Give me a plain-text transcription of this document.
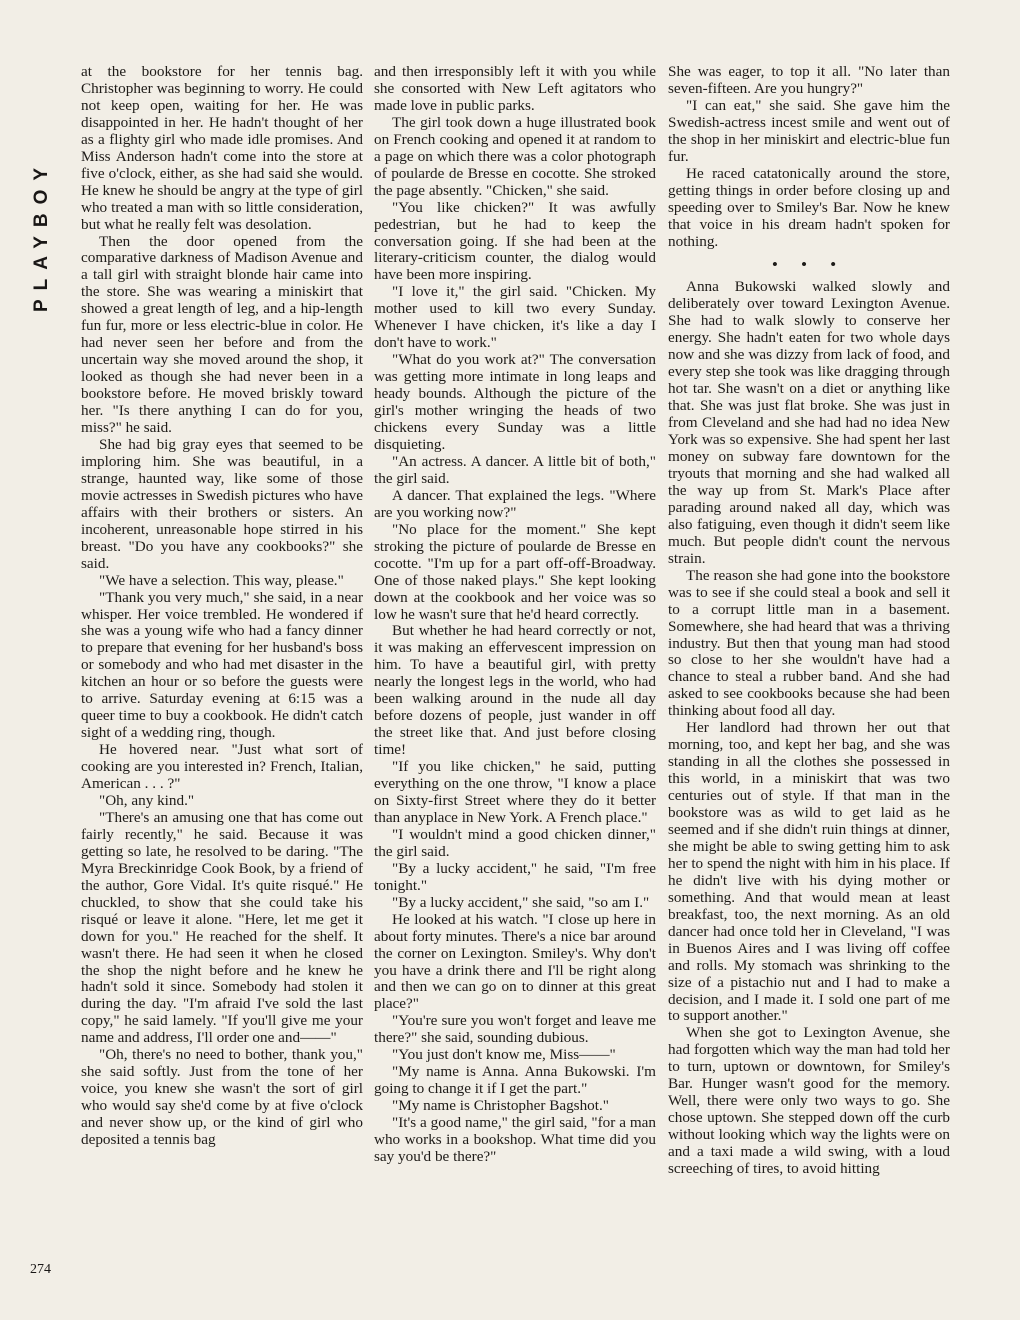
PLAYBOY

at the bookstore for her tennis bag. Christopher was beginning to worry. He could not keep open, waiting for her. He was disappointed in her. He hadn't thought of her as a flighty girl who made idle promises. And Miss Anderson hadn't come into the store at five o'clock, either, as she had said she would. He knew he should be angry at the type of girl who treated a man with so little consideration, but what he really felt was desolation.

Then the door opened from the comparative darkness of Madison Avenue and a tall girl with straight blonde hair came into the store. She was wearing a miniskirt that showed a great length of leg, and a hip-length fun fur, more or less electric-blue in color. He had never seen her before and from the uncertain way she moved around the shop, it looked as though she had never been in a bookstore before. He moved briskly toward her. "Is there anything I can do for you, miss?" he said.

She had big gray eyes that seemed to be imploring him. She was beautiful, in a strange, haunted way, like some of those movie actresses in Swedish pictures who have affairs with their brothers or sisters. An incoherent, unreasonable hope stirred in his breast. "Do you have any cookbooks?" she said.

"We have a selection. This way, please."

"Thank you very much," she said, in a near whisper. Her voice trembled. He wondered if she was a young wife who had a fancy dinner to prepare that evening for her husband's boss or somebody and who had met disaster in the kitchen an hour or so before the guests were to arrive. Saturday evening at 6:15 was a queer time to buy a cookbook. He didn't catch sight of a wedding ring, though.

He hovered near. "Just what sort of cooking are you interested in? French, Italian, American . . . ?"

"Oh, any kind."

"There's an amusing one that has come out fairly recently," he said. Because it was getting so late, he resolved to be daring. "The Myra Breckinridge Cook Book, by a friend of the author, Gore Vidal. It's quite risqué." He chuckled, to show that she could take his risqué or leave it alone. "Here, let me get it down for you." He reached for the shelf. It wasn't there. He had seen it when he closed the shop the night before and he knew he hadn't sold it since. Somebody had stolen it during the day. "I'm afraid I've sold the last copy," he said lamely. "If you'll give me your name and address, I'll order one and——"

"Oh, there's no need to bother, thank you," she said softly. Just from the tone of her voice, you knew she wasn't the sort of girl who would say she'd come by at five o'clock and never show up, or the kind of girl who deposited a tennis bag

and then irresponsibly left it with you while she consorted with New Left agitators who made love in public parks.

The girl took down a huge illustrated book on French cooking and opened it at random to a page on which there was a color photograph of poularde de Bresse en cocotte. She stroked the page absently. "Chicken," she said.

"You like chicken?" It was awfully pedestrian, but he had to keep the conversation going. If she had been at the literary-criticism counter, the dialog would have been more inspiring.

"I love it," the girl said. "Chicken. My mother used to kill two every Sunday. Whenever I have chicken, it's like a day I don't have to work."

"What do you work at?" The conversation was getting more intimate in long leaps and heady bounds. Although the picture of the girl's mother wringing the heads of two chickens every Sunday was a little disquieting.

"An actress. A dancer. A little bit of both," the girl said.

A dancer. That explained the legs. "Where are you working now?"

"No place for the moment." She kept stroking the picture of poularde de Bresse en cocotte. "I'm up for a part off-off-Broadway. One of those naked plays." She kept looking down at the cookbook and her voice was so low he wasn't sure that he'd heard correctly.

But whether he had heard correctly or not, it was making an effervescent impression on him. To have a beautiful girl, with pretty nearly the longest legs in the world, who had been walking around in the nude all day before dozens of people, just wander in off the street like that. And just before closing time!

"If you like chicken," he said, putting everything on the one throw, "I know a place on Sixty-first Street where they do it better than anyplace in New York. A French place."

"I wouldn't mind a good chicken dinner," the girl said.

"By a lucky accident," he said, "I'm free tonight."

"By a lucky accident," she said, "so am I."

He looked at his watch. "I close up here in about forty minutes. There's a nice bar around the corner on Lexington. Smiley's. Why don't you have a drink there and I'll be right along and then we can go on to dinner at this great place?"

"You're sure you won't forget and leave me there?" she said, sounding dubious.

"You just don't know me, Miss——"

"My name is Anna. Anna Bukowski. I'm going to change it if I get the part."

"My name is Christopher Bagshot."

"It's a good name," the girl said, "for a man who works in a bookshop. What time did you say you'd be there?"

She was eager, to top it all. "No later than seven-fifteen. Are you hungry?"

"I can eat," she said. She gave him the Swedish-actress incest smile and went out of the shop in her miniskirt and electric-blue fun fur.

He raced catatonically around the store, getting things in order before closing up and speeding over to Smiley's Bar. Now he knew that voice in his dream hadn't spoken for nothing.

• • •

Anna Bukowski walked slowly and deliberately over toward Lexington Avenue. She had to walk slowly to conserve her energy. She hadn't eaten for two whole days now and she was dizzy from lack of food, and every step she took was like dragging through hot tar. She wasn't on a diet or anything like that. She was just flat broke. She was just in from Cleveland and she had had no idea New York was so expensive. She had spent her last money on subway fare downtown for the tryouts that morning and she had walked all the way up from St. Mark's Place after parading around naked all day, which was also fatiguing, even though it didn't seem like much. But people didn't count the nervous strain.

The reason she had gone into the bookstore was to see if she could steal a book and sell it to a corrupt little man in a basement. Somewhere, she had heard that was a thriving industry. But then that young man had stood so close to her she wouldn't have had a chance to steal a rubber band. And she had asked to see cookbooks because she had been thinking about food all day.

Her landlord had thrown her out that morning, too, and kept her bag, and she was standing in all the clothes she possessed in this world, in a miniskirt that was two centuries out of style. If that man in the bookstore was as wild to get laid as he seemed and if she didn't ruin things at dinner, she might be able to swing getting him to ask her to spend the night with him in his place. If he didn't live with his dying mother or something. And that would mean at least breakfast, too, the next morning. As an old dancer had once told her in Cleveland, "I was in Buenos Aires and I was living off coffee and rolls. My stomach was shrinking to the size of a pistachio nut and I had to make a decision, and I made it. I sold one part of me to support another."

When she got to Lexington Avenue, she had forgotten which way the man had told her to turn, uptown or downtown, for Smiley's Bar. Hunger wasn't good for the memory. Well, there were only two ways to go. She chose uptown. She stepped down off the curb without looking which way the lights were on and a taxi made a wild swing, with a loud screeching of tires, to avoid hitting

274
